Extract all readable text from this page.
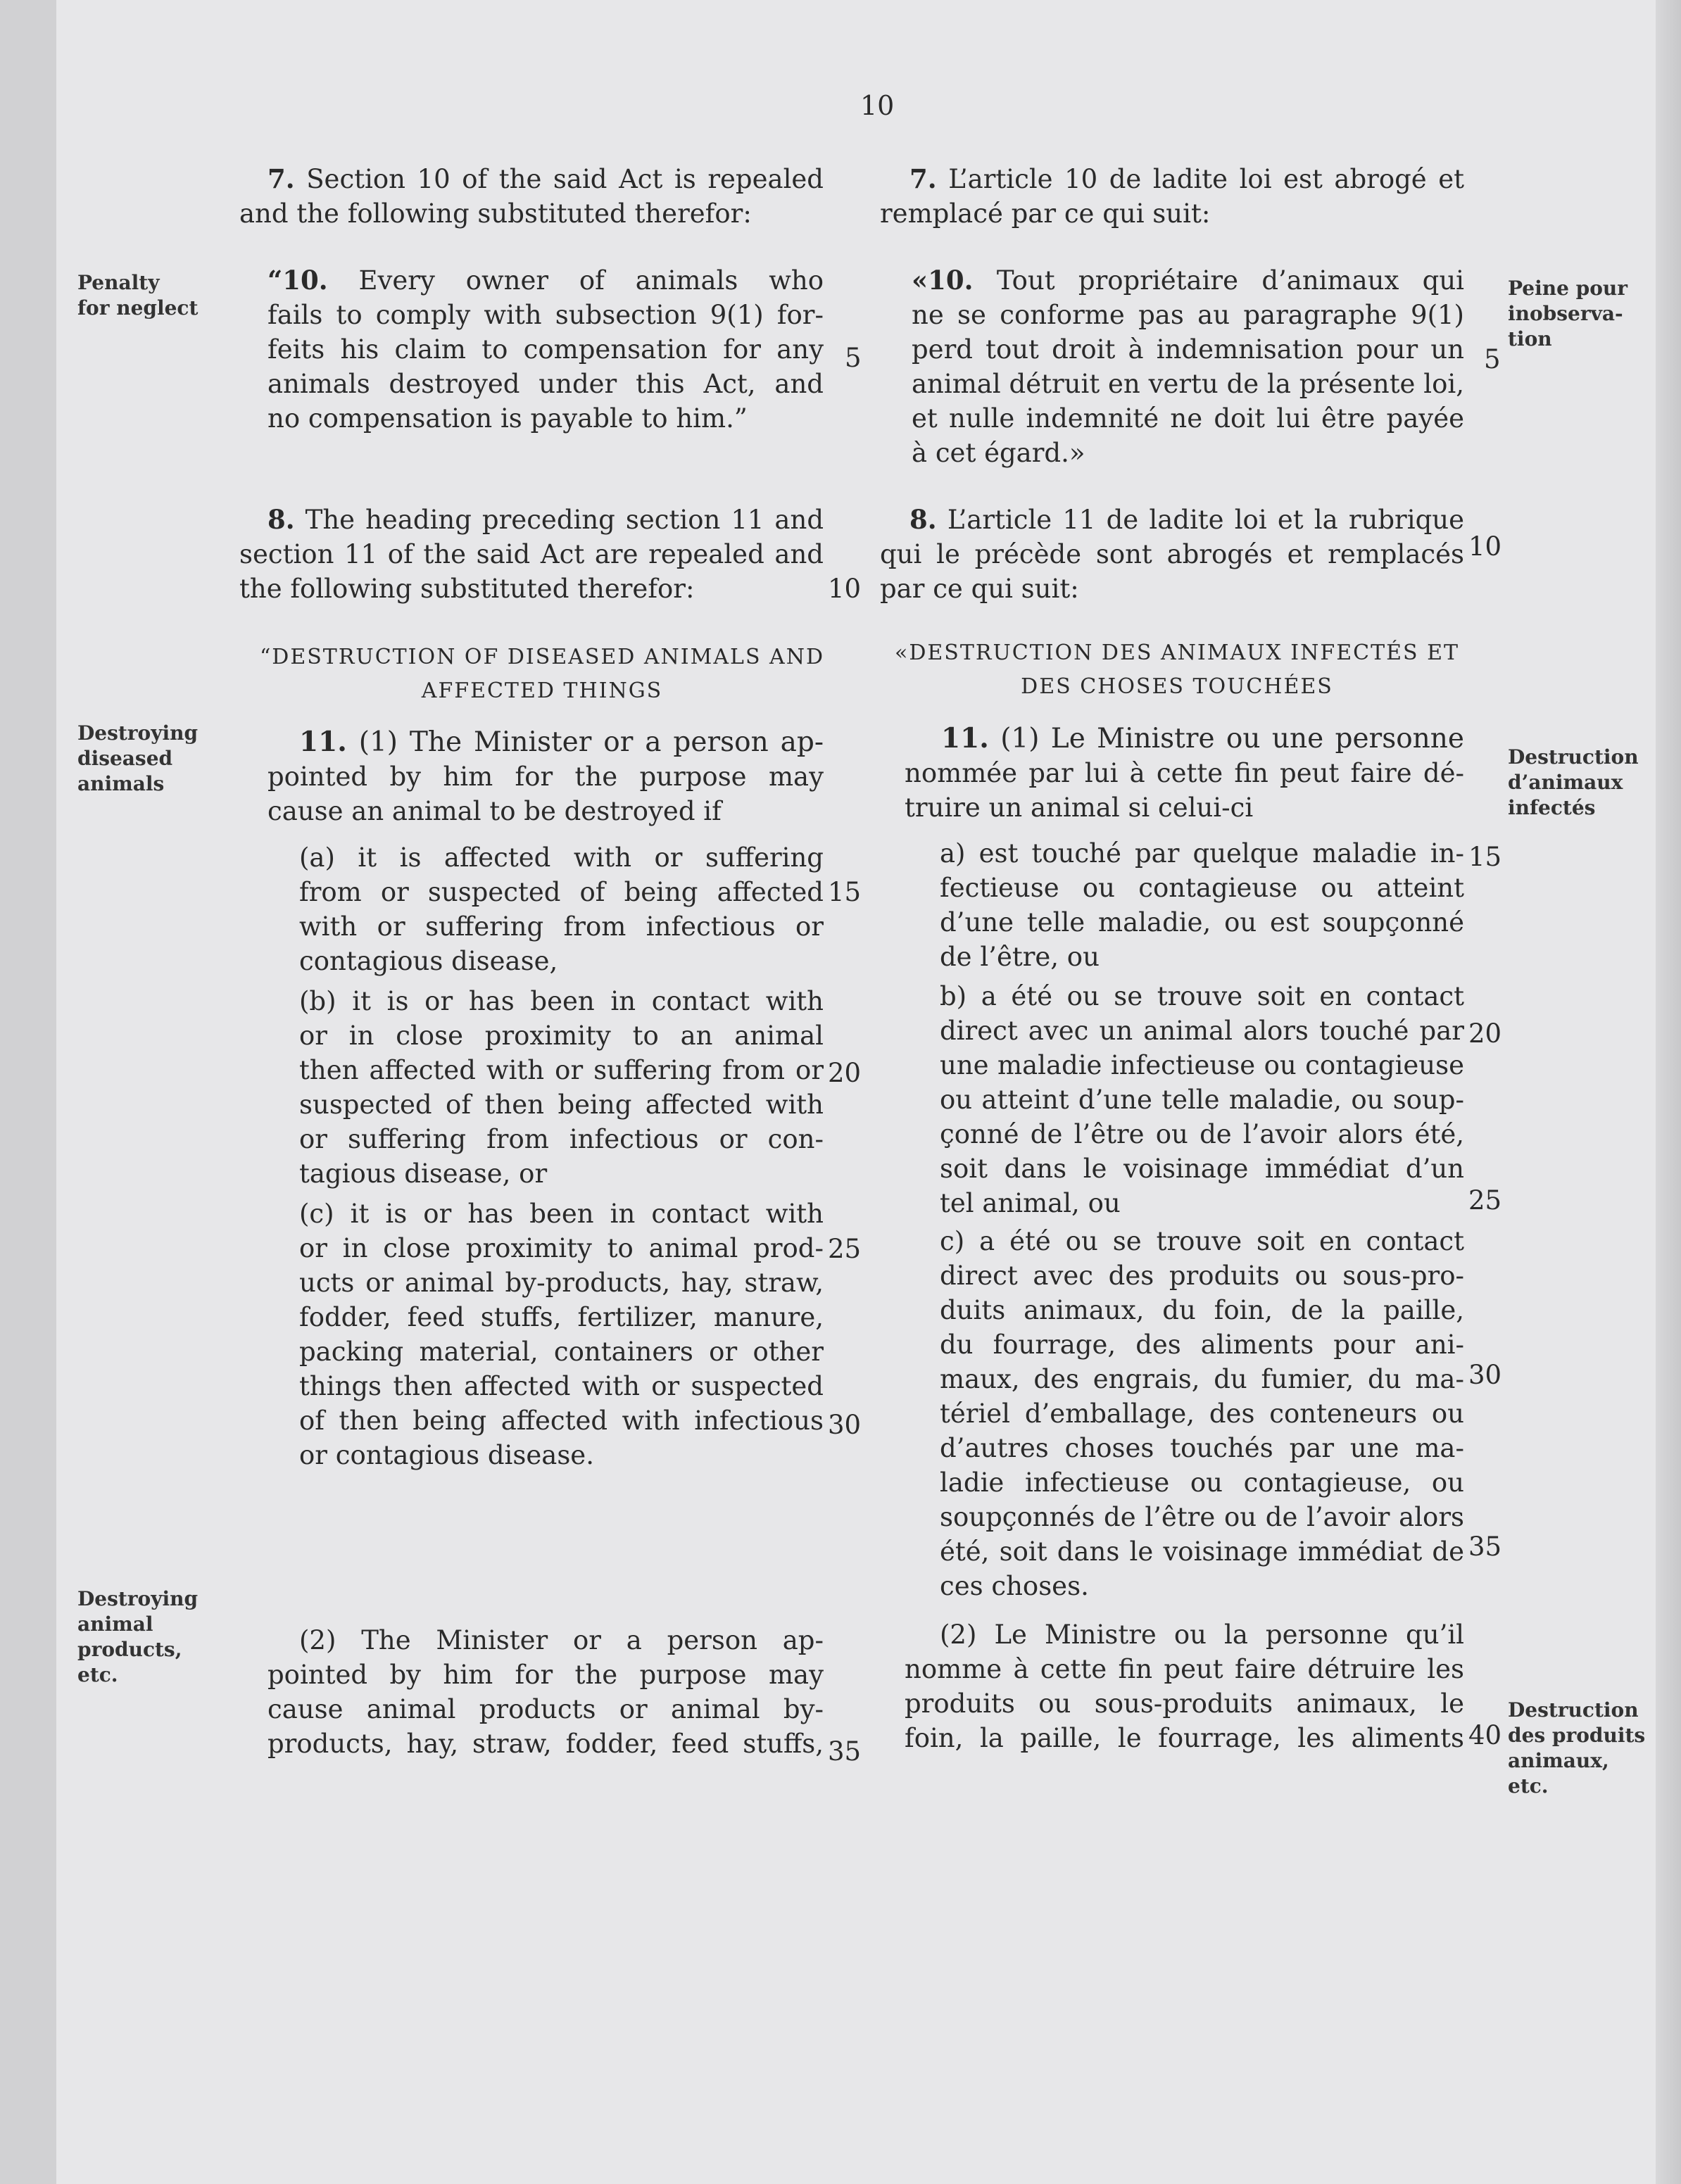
10
7. Section 10 of the said Act is repealed
and the following substituted therefor:
“10. Every owner of animals who
fails to comply with subsection 9(1) for-
feits his claim to compensation for any
animals destroyed under this Act, and
no compensation is payable to him.”
8. The heading preceding section 11 and
section 11 of the said Act are repealed and
the following substituted therefor:
“DESTRUCTION OF DISEASED ANIMALS AND
AFFECTED THINGS
11. (1) The Minister or a person ap-
pointed by him for the purpose may
cause an animal to be destroyed if
(a) it is affected with or suffering
from or suspected of being affected
with or suffering from infectious or
contagious disease,
(b) it is or has been in contact with
or in close proximity to an animal
then affected with or suffering from or
suspected of then being affected with
or suffering from infectious or con-
tagious disease, or
(c) it is or has been in contact with
or in close proximity to animal prod-
ucts or animal by-products, hay, straw,
fodder, feed stuffs, fertilizer, manure,
packing material, containers or other
things then affected with or suspected
of then being affected with infectious
or contagious disease.
(2) The Minister or a person ap-
pointed by him for the purpose may
cause animal products or animal by-
products, hay, straw, fodder, feed stuffs,
5
10
15
20
25
30
35
Penalty
for neglect
Destroying
diseased
animals
Destroying
animal
products,
etc.
7. L’article 10 de ladite loi est abrogé et
remplacé par ce qui suit:
«10. Tout propriétaire d’animaux qui
ne se conforme pas au paragraphe 9(1)
perd tout droit à indemnisation pour un
animal détruit en vertu de la présente loi,
et nulle indemnité ne doit lui être payée
à cet égard.»
8. L’article 11 de ladite loi et la rubrique
qui le précède sont abrogés et remplacés
par ce qui suit:
«DESTRUCTION DES ANIMAUX INFECTÉS ET
DES CHOSES TOUCHÉES
11. (1) Le Ministre ou une personne
nommée par lui à cette fin peut faire dé-
truire un animal si celui-ci
a) est touché par quelque maladie in-
fectieuse ou contagieuse ou atteint
d’une telle maladie, ou est soupçonné
de l’être, ou
b) a été ou se trouve soit en contact
direct avec un animal alors touché par
une maladie infectieuse ou contagieuse
ou atteint d’une telle maladie, ou soup-
çonné de l’être ou de l’avoir alors été,
soit dans le voisinage immédiat d’un
tel animal, ou
c) a été ou se trouve soit en contact
direct avec des produits ou sous-pro-
duits animaux, du foin, de la paille,
du fourrage, des aliments pour ani-
maux, des engrais, du fumier, du ma-
tériel d’emballage, des conteneurs ou
d’autres choses touchés par une ma-
ladie infectieuse ou contagieuse, ou
soupçonnés de l’être ou de l’avoir alors
été, soit dans le voisinage immédiat de
ces choses.
(2) Le Ministre ou la personne qu’il
nomme à cette fin peut faire détruire les
produits ou sous-produits animaux, le
foin, la paille, le fourrage, les aliments
5
10
15
20
25
30
35
40
Peine pour
inobserva-
tion
Destruction
d’animaux
infectés
Destruction
des produits
animaux,
etc.
